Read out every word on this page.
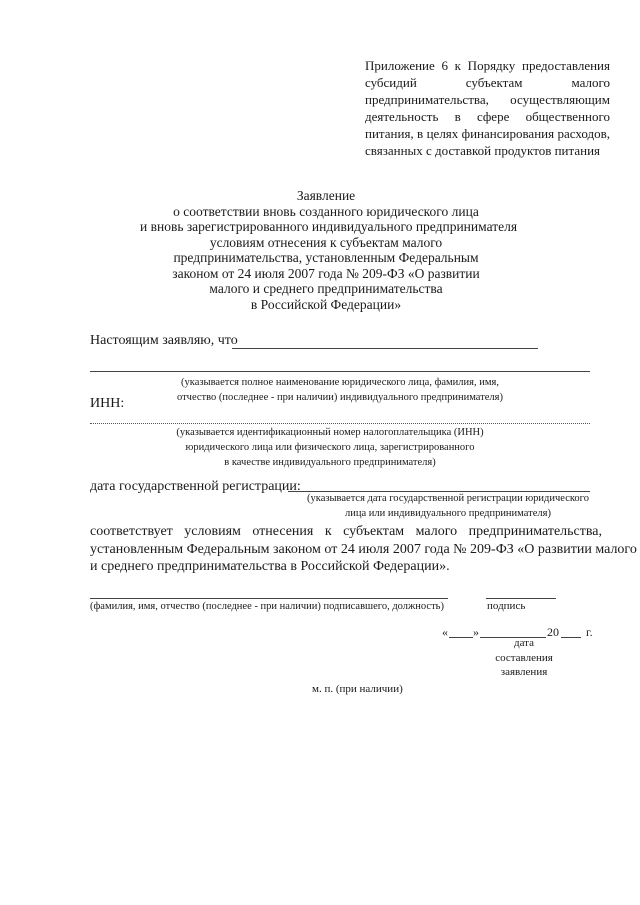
Приложение 6 к Порядку предоставления
субсидий субъектам малого
предпринимательства, осуществляющим
деятельность в сфере общественного
питания, в целях финансирования расходов,
связанных с доставкой продуктов питания
Заявление
о соответствии вновь созданного юридического лица
и вновь зарегистрированного индивидуального предпринимателя
условиям отнесения к субъектам малого
предпринимательства, установленным Федеральным
законом от 24 июля 2007 года № 209-ФЗ «О развитии
малого и среднего предпринимательства
в Российской Федерации»
Настоящим заявляю, что
(указывается полное наименование юридического лица, фамилия, имя,
отчество (последнее - при наличии) индивидуального предпринимателя)
ИНН:
(указывается идентификационный номер налогоплательщика (ИНН)
юридического лица или физического лица, зарегистрированного
в качестве индивидуального предпринимателя)
дата государственной регистрации:
(указывается дата государственной регистрации юридического
лица или индивидуального предпринимателя)
соответствует условиям отнесения к субъектам малого предпринимательства,
установленным Федеральным законом от 24 июля 2007 года № 209-ФЗ «О развитии малого
и среднего предпринимательства в Российской Федерации».
(фамилия, имя, отчество (последнее - при наличии) подписавшего, должность)	подпись
« »	20 г.
дата
составления
заявления
м. п. (при наличии)
